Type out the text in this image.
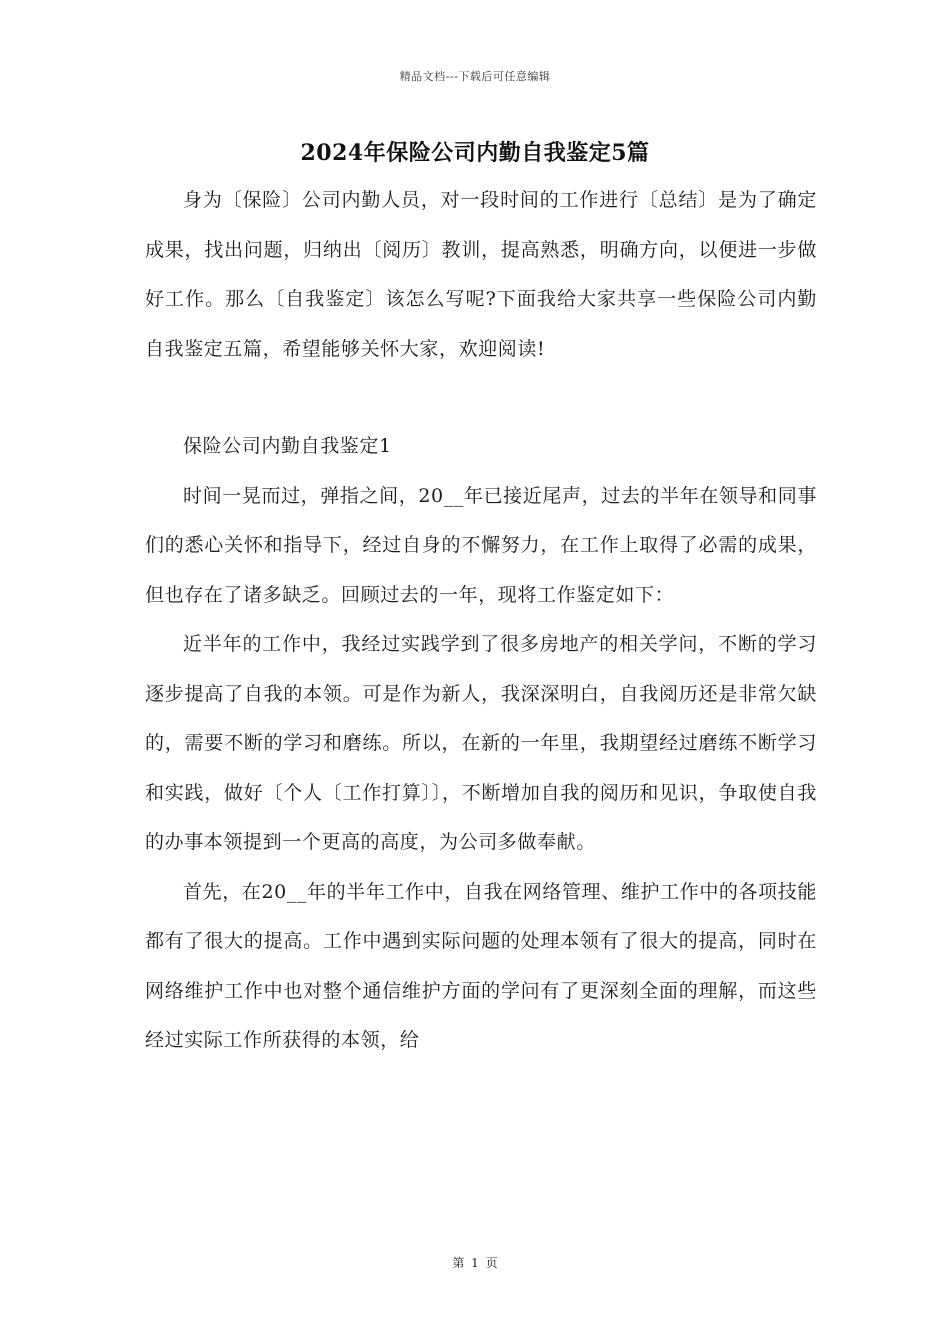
精品文档---下载后可任意编辑
2024年保险公司内勤自我鉴定5篇

身为〔保险〕公司内勤人员，对一段时间的工作进行〔总结〕是为了确定成果，找出问题，归纳出〔阅历〕教训，提高熟悉，明确方向，以便进一步做好工作。那么〔自我鉴定〕该怎么写呢?下面我给大家共享一些保险公司内勤自我鉴定五篇，希望能够关怀大家，欢迎阅读!

保险公司内勤自我鉴定1

时间一晃而过，弹指之间，20__年已接近尾声，过去的半年在领导和同事们的悉心关怀和指导下，经过自身的不懈努力，在工作上取得了必需的成果，但也存在了诸多缺乏。回顾过去的一年，现将工作鉴定如下：

近半年的工作中，我经过实践学到了很多房地产的相关学问，不断的学习逐步提高了自我的本领。可是作为新人，我深深明白，自我阅历还是非常欠缺的，需要不断的学习和磨练。所以，在新的一年里，我期望经过磨练不断学习和实践，做好〔个人〔工作打算〕〕，不断增加自我的阅历和见识，争取使自我的办事本领提到一个更高的高度，为公司多做奉献。

首先，在20__年的半年工作中，自我在网络管理、维护工作中的各项技能都有了很大的提高。工作中遇到实际问题的处理本领有了很大的提高，同时在网络维护工作中也对整个通信维护方面的学问有了更深刻全面的理解，而这些经过实际工作所获得的本领，给

第 1 页
